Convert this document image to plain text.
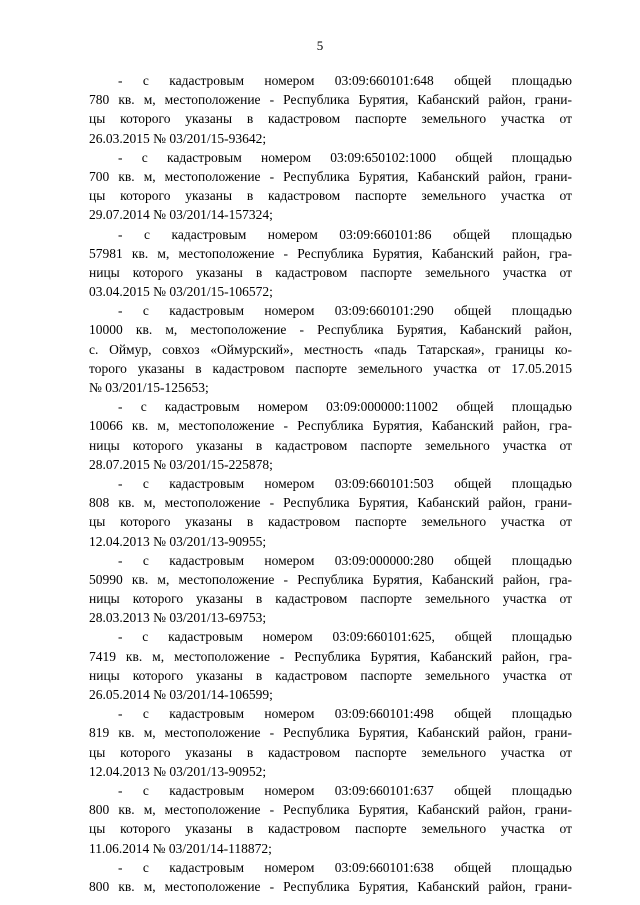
5
- с кадастровым номером 03:09:660101:648 общей площадью
780 кв. м, местоположение - Республика Бурятия, Кабанский район, грани-
цы которого указаны в кадастровом паспорте земельного участка от
26.03.2015 № 03/201/15-93642;
- с кадастровым номером 03:09:650102:1000 общей площадью
700 кв. м, местоположение - Республика Бурятия, Кабанский район, грани-
цы которого указаны в кадастровом паспорте земельного участка от
29.07.2014 № 03/201/14-157324;
- с кадастровым номером 03:09:660101:86 общей площадью
57981 кв. м, местоположение - Республика Бурятия, Кабанский район, гра-
ницы которого указаны в кадастровом паспорте земельного участка от
03.04.2015 № 03/201/15-106572;
- с кадастровым номером 03:09:660101:290 общей площадью
10000 кв. м, местоположение - Республика Бурятия, Кабанский район,
с. Оймур, совхоз «Оймурский», местность «падь Татарская», границы ко-
торого указаны в кадастровом паспорте земельного участка от 17.05.2015
№ 03/201/15-125653;
- с кадастровым номером 03:09:000000:11002 общей площадью
10066 кв. м, местоположение - Республика Бурятия, Кабанский район, гра-
ницы которого указаны в кадастровом паспорте земельного участка от
28.07.2015 № 03/201/15-225878;
- с кадастровым номером 03:09:660101:503 общей площадью
808 кв. м, местоположение - Республика Бурятия, Кабанский район, грани-
цы которого указаны в кадастровом паспорте земельного участка от
12.04.2013 № 03/201/13-90955;
- с кадастровым номером 03:09:000000:280 общей площадью
50990 кв. м, местоположение - Республика Бурятия, Кабанский район, гра-
ницы которого указаны в кадастровом паспорте земельного участка от
28.03.2013 № 03/201/13-69753;
- с кадастровым номером 03:09:660101:625, общей площадью
7419 кв. м, местоположение - Республика Бурятия, Кабанский район, гра-
ницы которого указаны в кадастровом паспорте земельного участка от
26.05.2014 № 03/201/14-106599;
- с кадастровым номером 03:09:660101:498 общей площадью
819 кв. м, местоположение - Республика Бурятия, Кабанский район, грани-
цы которого указаны в кадастровом паспорте земельного участка от
12.04.2013 № 03/201/13-90952;
- с кадастровым номером 03:09:660101:637 общей площадью
800 кв. м, местоположение - Республика Бурятия, Кабанский район, грани-
цы которого указаны в кадастровом паспорте земельного участка от
11.06.2014 № 03/201/14-118872;
- с кадастровым номером 03:09:660101:638 общей площадью
800 кв. м, местоположение - Республика Бурятия, Кабанский район, грани-
